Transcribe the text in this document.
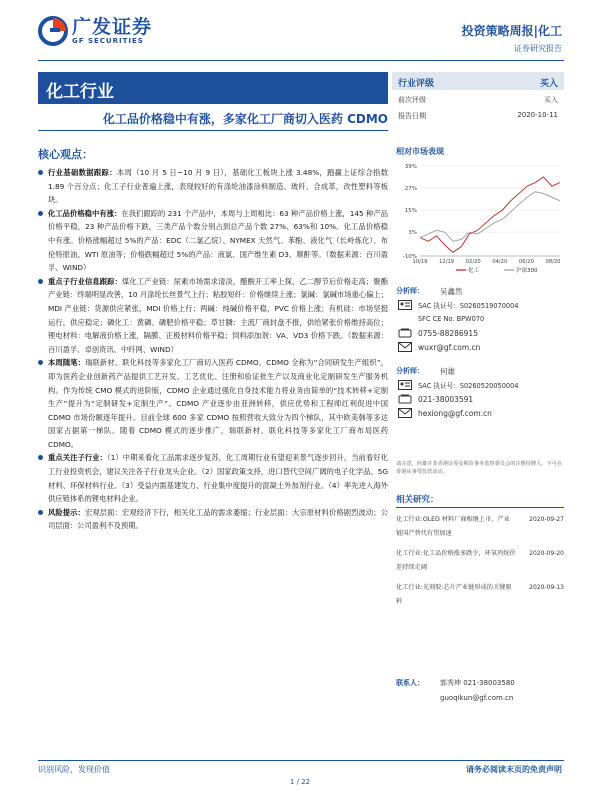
广发证券
GF SECURITIES
投资策略周报|化工
证券研究报告
化工行业
化工品价格稳中有涨，多家化工厂商切入医药 CDMO
行业评级	买入
前次评级	买入
报告日期	2020-10-11
核心观点：
行业基础数据跟踪：本周（10 月 5 日~10 月 9 日），基础化工板块上涨 3.48%，跑赢上证综合指数 1.89 个百分点；化工子行业普遍上涨，表现较好的有涤纶油漆涂料制造、玻纤、合成革，改性塑料等板块。
化工品价格稳中有涨：在我们跟踪的 231 个产品中，本周与上周相比：63 种产品价格上涨，145 种产品价格平稳，23 种产品价格下跌，三类产品个数分别占到总产品个数 27%、63%和 10%。化工品价格稳中有涨。价格涨幅超过 5%的产品：EDC（二氯乙烷）、NYMEX 天然气、苯酚、液化气（长岭炼化）、布伦特原油、WTI 原油等；价格跌幅超过 5%的产品：液氯、国产维生素 D3、顺酐等。（数据来源：百川盈孚、WIND）
重点子行业信息跟踪：煤化工产业链：尿素市场需求清淡，醋酸开工率上探，乙二醇节后价格走高；聚酯产业链：终端明显改善，10 月涤纶长丝景气上行；粘胶短纤：价格继续上涨；氯碱：氯碱市场重心偏上；MDI 产业链：货源供应紧张，MDI 价格上行；两碱：纯碱价格平稳，PVC 价格上涨；有机硅：市场坚挺运行，供应稳定；磷化工：黄磷、磷肥价格平稳；草甘膦：主流厂商封盘不报，供给紧张价格维持高位；锂电材料：电解液价格上涨，隔膜、正极材料价格平稳；饲料添加剂：VA、VD3 价格下跌。（数据来源：百川盈孚、卓创资讯、中纤网、WIND）
本周随笔：瑞联新材、联化科技等多家化工厂商切入医药 CDMO。CDMO 全称为“合同研发生产组织”，即为医药企业创新药产品提供工艺开发、工艺优化、注册和验证批生产以及商业化定制研发生产服务机构。作为传统 CMO 模式的进阶版，CDMO 企业通过强化自身技术能力将业务由简单的“技术转移+定制生产”提升为“定制研发+定制生产”。CDMO 产业逐步由亚洲转移，供应优势和工程师红利促进中国 CDMO 市场份额逐年提升。目前全球 600 多家 CDMO 按照营收大致分为四个梯队，其中欧美韩等多达国家占据第一梯队。随着 CDMO 模式的逐步推广，瑞联新材、联化科技等多家化工厂商布局医药 CDMO。
重点关注子行业：（1）中期来看化工品需求逐步复苏，化工周期行业有望迎来景气逐步回升，当前看好化工行业投资机会，建议关注各子行业龙头企业。（2）国家政策支持，进口替代空间广阔的电子化学品、5G 材料、环保材料行业。（3）受益内需基建发力、行业集中度提升的混凝土外加剂行业。（4）率先进入海外供应链体系的锂电材料企业。
风险提示：宏观层面：宏观经济下行，相关化工品的需求萎缩；行业层面：大宗原材料价格剧烈波动；公司层面：公司盈利不及预期。
相对市场表现
-10%
3%
15%
27%
39%
10/19 12/19 02/20 04/20 06/20 08/20
化工	沪深300
分析师：	吴鑫然
SAC 执证号：S0260519070004
SFC CE No. BPW070
0755-88286915
wuxr@gf.com.cn
分析师：	何雄
SAC 执证号：S0260520050004
021-38003591
hexiong@gf.com.cn
请注意，何雄并非香港证券及期货事务监察委员会的注册持牌人，不可在香港从事受监管活动。
相关研究：
化工行业:OLED 材料厂商相继上市，产业链国产替代有望加速
2020-09-27
化工行业:化工品价格涨多跌少，环氧丙烷价差持续走阔
2020-09-20
化工行业:光刻胶:芯片产业链形成的关键原料
2020-09-13
联系人：	郭秀坤 021-38003580
guoqikun@gf.com.cn
识别风险，发现价值	请务必阅读末页的免责声明
1 / 22
